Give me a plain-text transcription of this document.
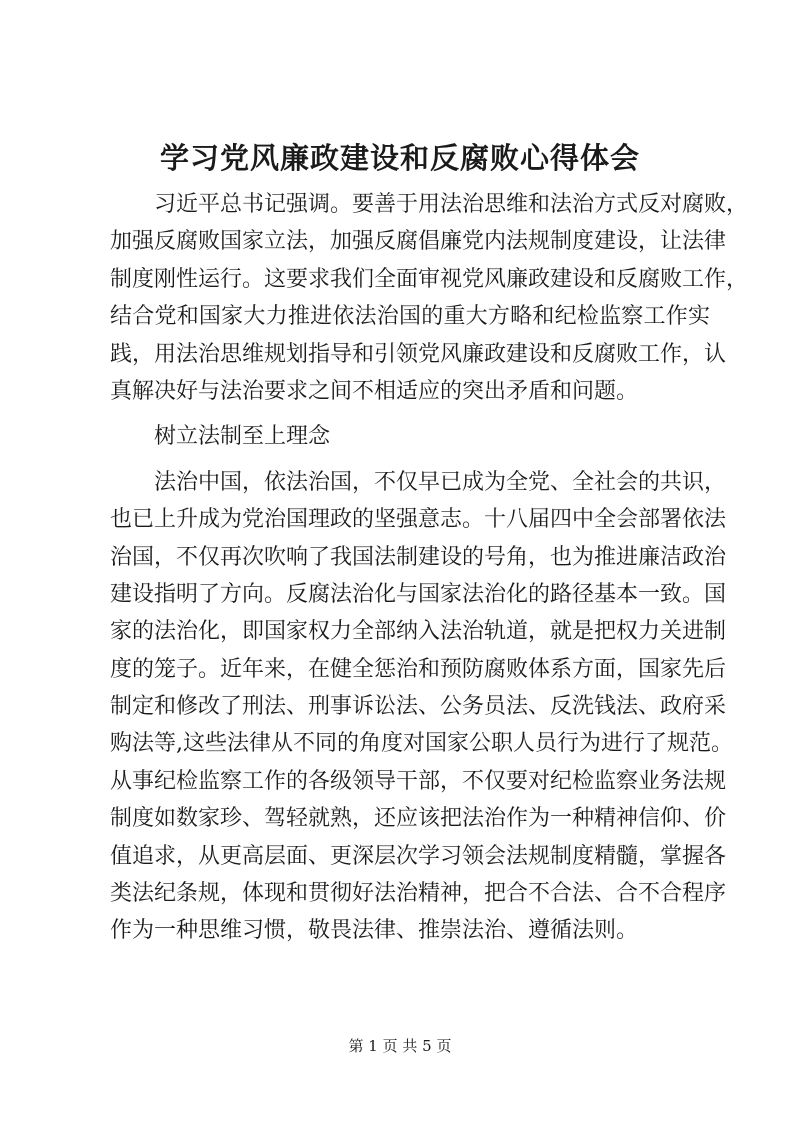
学习党风廉政建设和反腐败心得体会
习近平总书记强调。要善于用法治思维和法治方式反对腐败，
加强反腐败国家立法，加强反腐倡廉党内法规制度建设，让法律
制度刚性运行。这要求我们全面审视党风廉政建设和反腐败工作，
结合党和国家大力推进依法治国的重大方略和纪检监察工作实
践，用法治思维规划指导和引领党风廉政建设和反腐败工作，认
真解决好与法治要求之间不相适应的突出矛盾和问题。
树立法制至上理念
法治中国，依法治国，不仅早已成为全党、全社会的共识，
也已上升成为党治国理政的坚强意志。十八届四中全会部署依法
治国，不仅再次吹响了我国法制建设的号角，也为推进廉洁政治
建设指明了方向。反腐法治化与国家法治化的路径基本一致。国
家的法治化，即国家权力全部纳入法治轨道，就是把权力关进制
度的笼子。近年来，在健全惩治和预防腐败体系方面，国家先后
制定和修改了刑法、刑事诉讼法、公务员法、反洗钱法、政府采
购法等,这些法律从不同的角度对国家公职人员行为进行了规范。
从事纪检监察工作的各级领导干部，不仅要对纪检监察业务法规
制度如数家珍、驾轻就熟，还应该把法治作为一种精神信仰、价
值追求，从更高层面、更深层次学习领会法规制度精髓，掌握各
类法纪条规，体现和贯彻好法治精神，把合不合法、合不合程序
作为一种思维习惯，敬畏法律、推崇法治、遵循法则。
第 1 页 共 5 页
